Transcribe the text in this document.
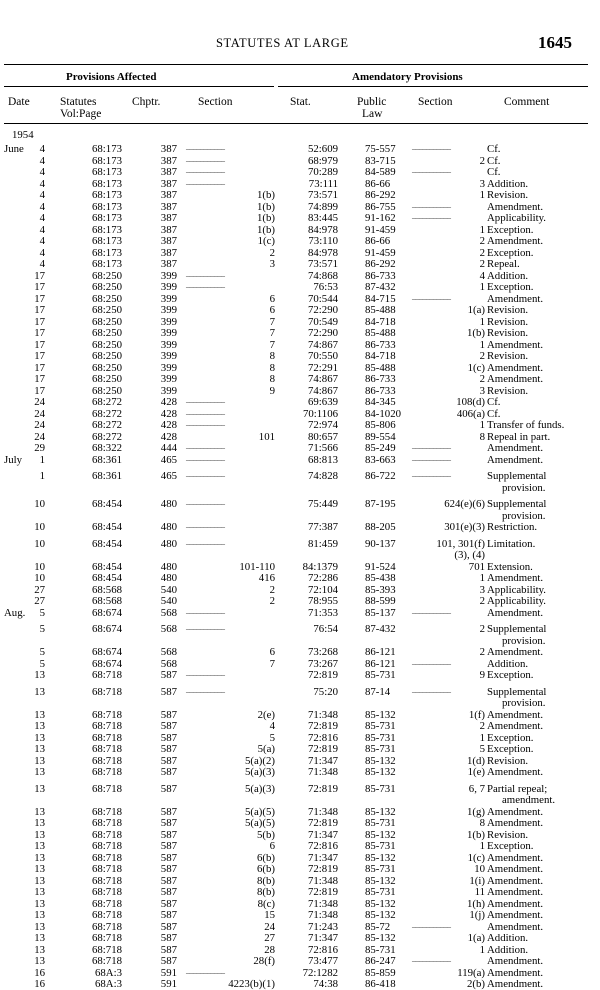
STATUTES AT LARGE	1645
Provisions Affected	Amendatory Provisions
Date	Statutes
Vol:Page
Chptr.	Section	Stat.	Public
Law
Section	Comment
1954
June 4	68:173	387 –––––––––––	52:609	75-557 –––––––––––	Cf.
4	68:173	387 –––––––––––	68:979	83-715	2 Cf.
4	68:173	387 –––––––––––	70:289	84-589 –––––––––––	Cf.
4	68:173	387 –––––––––––	73:111	86-66	3 Addition.
4	68:173	387	1(b)	73:571	86-292	1 Revision.
4	68:173	387	1(b)	74:899	86-755 –––––––––––	Amendment.
4	68:173	387	1(b)	83:445	91-162 –––––––––––	Applicability.
4	68:173	387	1(b)	84:978	91-459	1 Exception.
4	68:173	387	1(c)	73:110	86-66	2 Amendment.
4	68:173	387	2	84:978	91-459	2 Exception.
4	68:173	387	3	73:571	86-292	2 Repeal.
17	68:250	399 –––––––––––	74:868	86-733	4 Addition.
17	68:250	399 –––––––––––	76:53	87-432	1 Exception.
17	68:250	399	6	70:544	84-715 –––––––––––	Amendment.
17	68:250	399	6	72:290	85-488	1(a) Revision.
17	68:250	399	7	70:549	84-718	1 Revision.
17	68:250	399	7	72:290	85-488	1(b) Revision.
17	68:250	399	7	74:867	86-733	1 Amendment.
17	68:250	399	8	70:550	84-718	2 Revision.
17	68:250	399	8	72:291	85-488	1(c) Amendment.
17	68:250	399	8	74:867	86-733	2 Amendment.
17	68:250	399	9	74:867	86-733	3 Revision.
24	68:272	428 –––––––––––	69:639	84-345	108(d) Cf.
24	68:272	428 –––––––––––	70:1106	84-1020	406(a) Cf.
24	68:272	428 –––––––––––	72:974	85-806	1 Transfer of funds.
24	68:272	428	101	80:657	89-554	8 Repeal in part.
29	68:322	444 –––––––––––	71:566	85-249 –––––––––––	Amendment.
July 1	68:361	465 –––––––––––	68:813	83-663 –––––––––––	Amendment.
1	68:361	465 –––––––––––	74:828	86-722 –––––––––––	Supplemental
provision.
10	68:454	480 –––––––––––	75:449	87-195	624(e)(6) Supplemental
provision.
10	68:454	480 –––––––––––	77:387	88-205	301(e)(3) Restriction.
10	68:454	480 –––––––––––	81:459	90-137	101, 301(f) Limitation.
(3), (4)
10	68:454	480	101-110	84:1379	91-524	701 Extension.
10	68:454	480	416	72:286	85-438	1 Amendment.
27	68:568	540	2	72:104	85-393	3 Applicability.
27	68:568	540	2	78:955	88-599	2 Applicability.
Aug. 5	68:674	568 –––––––––––	71:353	85-137 –––––––––––	Amendment.
5	68:674	568 –––––––––––	76:54	87-432	2 Supplemental
provision.
5	68:674	568	6	73:268	86-121	2 Amendment.
5	68:674	568	7	73:267	86-121 –––––––––––	Addition.
13	68:718	587 –––––––––––	72:819	85-731	9 Exception.
13	68:718	587 –––––––––––	75:20	87-14	–––––––––––	Supplemental
provision.
13	68:718	587	2(e)	71:348	85-132	1(f) Amendment.
13	68:718	587	4	72:819	85-731	2 Amendment.
13	68:718	587	5	72:816	85-731	1 Exception.
13	68:718	587	5(a)	72:819	85-731	5 Exception.
13	68:718	587	5(a)(2)	71:347	85-132	1(d) Revision.
13	68:718	587	5(a)(3)	71:348	85-132	1(e) Amendment.
13	68:718	587	5(a)(3)	72:819	85-731	6, 7 Partial repeal;
amendment.
13	68:718	587	5(a)(5)	71:348	85-132	1(g) Amendment.
13	68:718	587	5(a)(5)	72:819	85-731	8 Amendment.
13	68:718	587	5(b)	71:347	85-132	1(b) Revision.
13	68:718	587	6	72:816	85-731	1 Exception.
13	68:718	587	6(b)	71:347	85-132	1(c) Amendment.
13	68:718	587	6(b)	72:819	85-731	10 Amendment.
13	68:718	587	8(b)	71:348	85-132	1(i) Amendment.
13	68:718	587	8(b)	72:819	85-731	11 Amendment.
13	68:718	587	8(c)	71:348	85-132	1(h) Amendment.
13	68:718	587	15	71:348	85-132	1(j) Amendment.
13	68:718	587	24	71:243	85-72	–––––––––––	Amendment.
13	68:718	587	27	71:347	85-132	1(a) Addition.
13	68:718	587	28	72:816	85-731	1 Addition.
13	68:718	587	28(f)	73:477	86-247 –––––––––––	Amendment.
16	68A:3	591 –––––––––––	72:1282	85-859	119(a) Amendment.
16	68A:3	591	4223(b)(1)	74:38	86-418	2(b) Amendment.
